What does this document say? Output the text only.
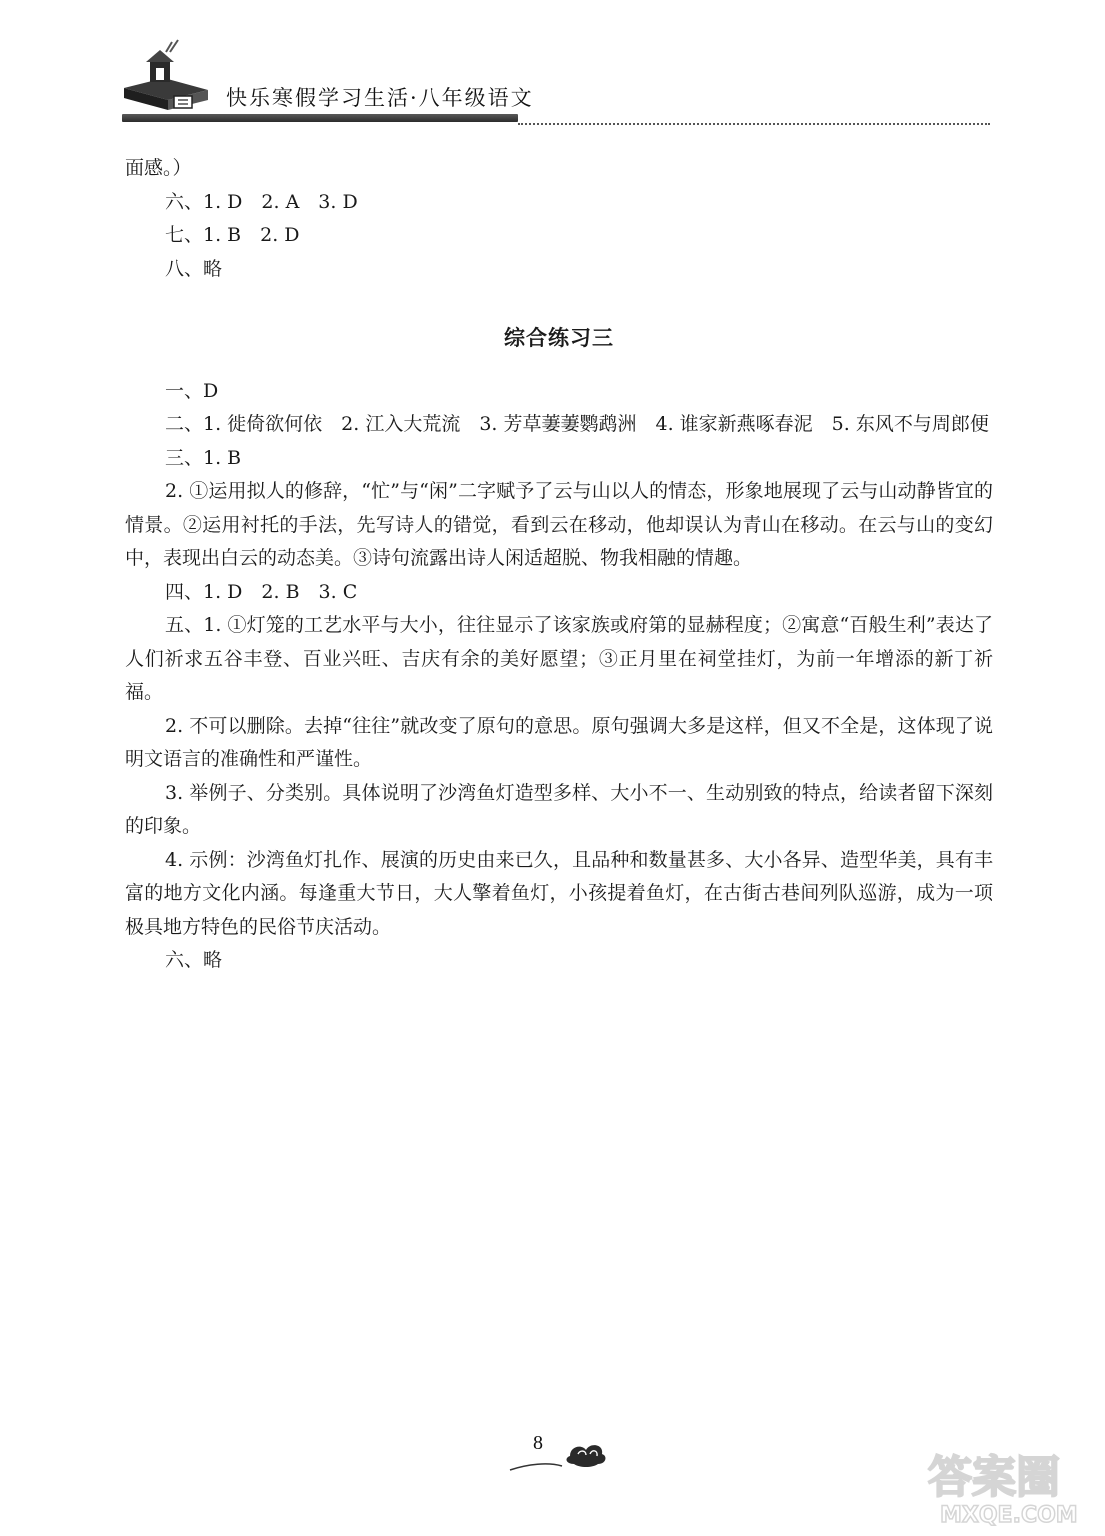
快乐寒假学习生活·八年级语文
面感。）
六、1. D　2. A　3. D
七、1. B　2. D
八、略
综合练习三
一、D
二、1. 徙倚欲何依　2. 江入大荒流　3. 芳草萋萋鹦鹉洲　4. 谁家新燕啄春泥　5. 东风不与周郎便
三、1. B
2. ①运用拟人的修辞，“忙”与“闲”二字赋予了云与山以人的情态，形象地展现了云与山动静皆宜的情景。②运用衬托的手法，先写诗人的错觉，看到云在移动，他却误认为青山在移动。在云与山的变幻中，表现出白云的动态美。③诗句流露出诗人闲适超脱、物我相融的情趣。
四、1. D　2. B　3. C
五、1. ①灯笼的工艺水平与大小，往往显示了该家族或府第的显赫程度；②寓意“百般生利”表达了人们祈求五谷丰登、百业兴旺、吉庆有余的美好愿望；③正月里在祠堂挂灯，为前一年增添的新丁祈福。
2. 不可以删除。去掉“往往”就改变了原句的意思。原句强调大多是这样，但又不全是，这体现了说明文语言的准确性和严谨性。
3. 举例子、分类别。具体说明了沙湾鱼灯造型多样、大小不一、生动别致的特点，给读者留下深刻的印象。
4. 示例：沙湾鱼灯扎作、展演的历史由来已久，且品种和数量甚多、大小各异、造型华美，具有丰富的地方文化内涵。每逢重大节日，大人擎着鱼灯，小孩提着鱼灯，在古街古巷间列队巡游，成为一项极具地方特色的民俗节庆活动。
六、略
8
答案圈
MXQE.COM
